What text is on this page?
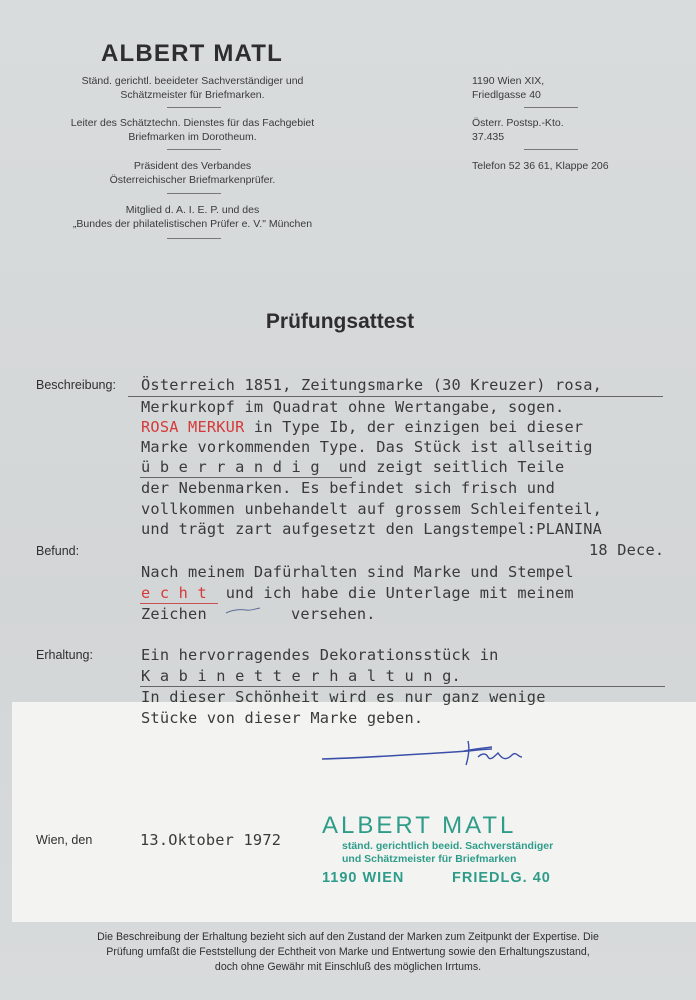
ALBERT MATL
Ständ. gerichtl. beeideter Sachverständiger und
Schätzmeister für Briefmarken.
Leiter des Schätztechn. Dienstes für das Fachgebiet
Briefmarken im Dorotheum.
Präsident des Verbandes
Österreichischer Briefmarkenprüfer.
Mitglied d. A. I. E. P. und des
„Bundes der philatelistischen Prüfer e. V." München
1190 Wien XIX,
Friedlgasse 40
Österr. Postsp.-Kto.
37.435
Telefon 52 36 61, Klappe 206
Prüfungsattest
Beschreibung:
Befund:
Erhaltung:
Wien, den
Österreich 1851, Zeitungsmarke (30 Kreuzer) rosa,
Merkurkopf im Quadrat ohne Wertangabe, sogen.
ROSA MERKUR in Type Ib, der einzigen bei dieser
Marke vorkommenden Type. Das Stück ist allseitig
ü b e r r a n d i g  und zeigt seitlich Teile
der Nebenmarken. Es befindet sich frisch und
vollkommen unbehandelt auf grossem Schleifenteil,
und trägt zart aufgesetzt den Langstempel:PLANINA
18 Dece.
Nach meinem Dafürhalten sind Marke und Stempel
e c h t  und ich habe die Unterlage mit meinem
Zeichen	versehen.
Ein hervorragendes Dekorationsstück in
K a b i n e t t e r h a l t u n g.
In dieser Schönheit wird es nur ganz wenige
Stücke von dieser Marke geben.
13.Oktober 1972
ALBERT MATL
ständ. gerichtlich beeid. Sachverständiger
und Schätzmeister für Briefmarken
1190 WIEN	FRIEDLG. 40
Die Beschreibung der Erhaltung bezieht sich auf den Zustand der Marken zum Zeitpunkt der Expertise. Die
Prüfung umfaßt die Feststellung der Echtheit von Marke und Entwertung sowie den Erhaltungszustand,
doch ohne Gewähr mit Einschluß des möglichen Irrtums.
